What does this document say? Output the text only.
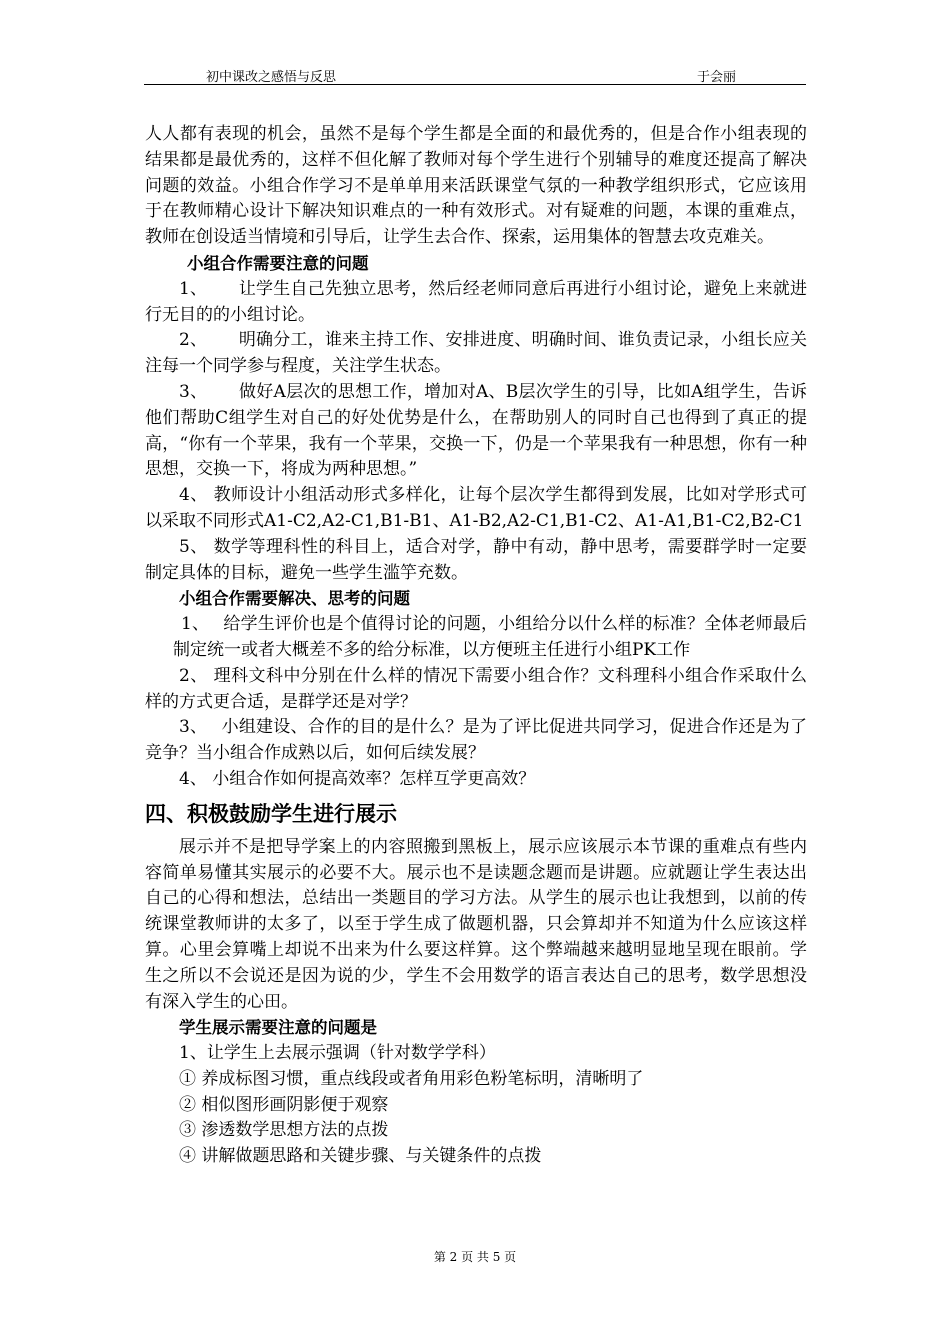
初中课改之感悟与反思	于会丽

人人都有表现的机会，虽然不是每个学生都是全面的和最优秀的，但是合作小组表现的结果都是最优秀的，这样不但化解了教师对每个学生进行个别辅导的难度还提高了解决问题的效益。小组合作学习不是单单用来活跃课堂气氛的一种教学组织形式，它应该用于在教师精心设计下解决知识难点的一种有效形式。对有疑难的问题，本课的重难点，教师在创设适当情境和引导后，让学生去合作、探索，运用集体的智慧去攻克难关。

小组合作需要注意的问题

1、　　 让学生自己先独立思考，然后经老师同意后再进行小组讨论，避免上来就进行无目的的小组讨论。

2、　　 明确分工，谁来主持工作、安排进度、明确时间、谁负责记录，小组长应关注每一个同学参与程度，关注学生状态。

3、　　 做好A层次的思想工作，增加对A、B层次学生的引导，比如A组学生，告诉他们帮助C组学生对自己的好处优势是什么，在帮助别人的同时自己也得到了真正的提高，“你有一个苹果，我有一个苹果，交换一下，仍是一个苹果我有一种思想，你有一种思想，交换一下，将成为两种思想。”

4、 教师设计小组活动形式多样化，让每个层次学生都得到发展，比如对学形式可以采取不同形式A1-C2,A2-C1,B1-B1、A1-B2,A2-C1,B1-C2、A1-A1,B1-C2,B2-C1

5、 数学等理科性的科目上，适合对学，静中有动，静中思考，需要群学时一定要制定具体的目标，避免一些学生滥竽充数。

小组合作需要解决、思考的问题

1、　 给学生评价也是个值得讨论的问题，小组给分以什么样的标准？全体老师最后制定统一或者大概差不多的给分标准，以方便班主任进行小组PK工作

2、 理科文科中分别在什么样的情况下需要小组合作？文科理科小组合作采取什么样的方式更合适，是群学还是对学？

3、　 小组建设、合作的目的是什么？是为了评比促进共同学习，促进合作还是为了竞争？当小组合作成熟以后，如何后续发展？

4、 小组合作如何提高效率？怎样互学更高效？

四、积极鼓励学生进行展示

展示并不是把导学案上的内容照搬到黑板上，展示应该展示本节课的重难点有些内容简单易懂其实展示的必要不大。展示也不是读题念题而是讲题。应就题让学生表达出自己的心得和想法，总结出一类题目的学习方法。从学生的展示也让我想到，以前的传统课堂教师讲的太多了，以至于学生成了做题机器，只会算却并不知道为什么应该这样算。心里会算嘴上却说不出来为什么要这样算。这个弊端越来越明显地呈现在眼前。学生之所以不会说还是因为说的少，学生不会用数学的语言表达自己的思考，数学思想没有深入学生的心田。

学生展示需要注意的问题是

1、让学生上去展示强调（针对数学学科）

① 养成标图习惯，重点线段或者角用彩色粉笔标明，清晰明了

② 相似图形画阴影便于观察

③ 渗透数学思想方法的点拨

④ 讲解做题思路和关键步骤、与关键条件的点拨

第 2 页 共 5 页
